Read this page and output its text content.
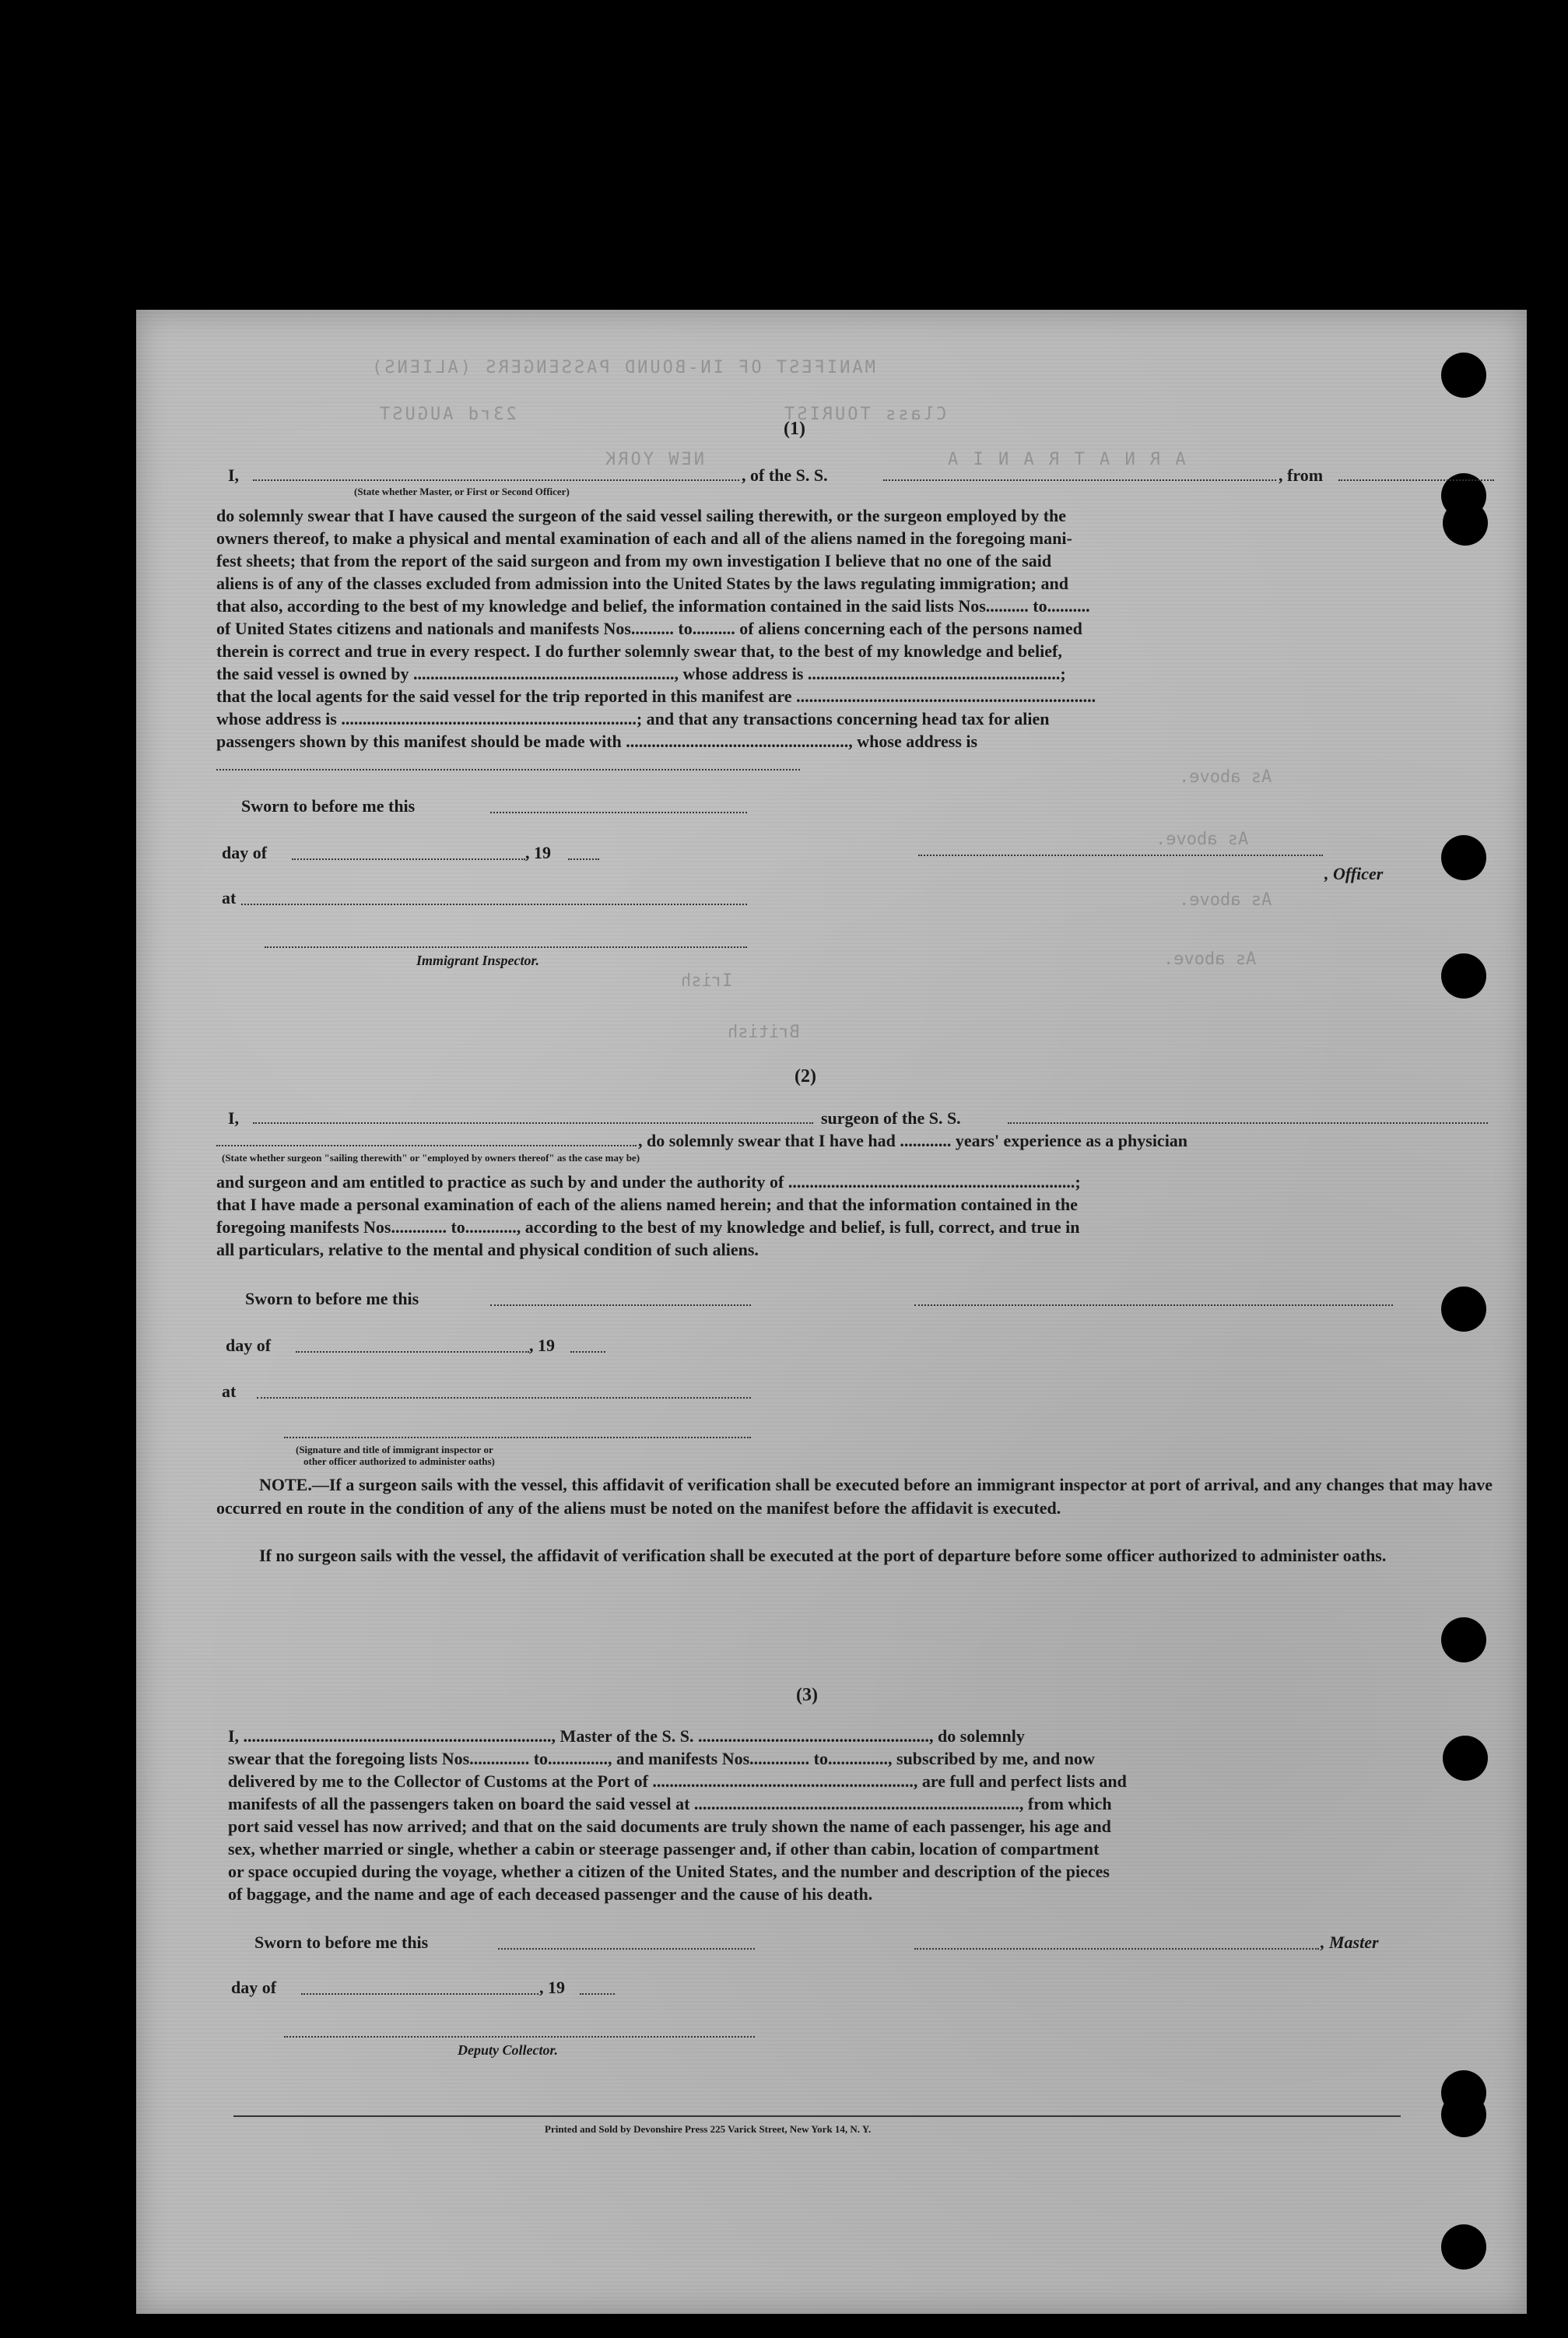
MANIFEST OF IN-BOUND PASSENGERS (ALIENS)
Class TOURIST
23rd AUGUST
NEW YORK	A R N A T R A N I A
As above.
As above.
As above.
As above.
British
Irish
(1)
I,	, of the S. S.	, from
(State whether Master, or First or Second Officer)
do solemnly swear that I have caused the surgeon of the said vessel sailing therewith, or the surgeon employed by the
owners thereof, to make a physical and mental examination of each and all of the aliens named in the foregoing mani-
fest sheets; that from the report of the said surgeon and from my own investigation I believe that no one of the said
aliens is of any of the classes excluded from admission into the United States by the laws regulating immigration; and
that also, according to the best of my knowledge and belief, the information contained in the said lists Nos.......... to..........
of United States citizens and nationals and manifests Nos.......... to.......... of aliens concerning each of the persons named
therein is correct and true in every respect. I do further solemnly swear that, to the best of my knowledge and belief,
the said vessel is owned by ............................................................., whose address is ...........................................................;
that the local agents for the said vessel for the trip reported in this manifest are ......................................................................
whose address is .....................................................................; and that any transactions concerning head tax for alien
passengers shown by this manifest should be made with ...................................................., whose address is
Sworn to before me this
day of	, 19
at
Immigrant Inspector.
, Officer
(2)
I,	surgeon of the S. S.
, do solemnly swear that I have had ............ years' experience as a physician
(State whether surgeon "sailing therewith" or "employed by owners thereof" as the case may be)
and surgeon and am entitled to practice as such by and under the authority of ...................................................................;
that I have made a personal examination of each of the aliens named herein; and that the information contained in the
foregoing manifests Nos............. to............, according to the best of my knowledge and belief, is full, correct, and true in
all particulars, relative to the mental and physical condition of such aliens.
Sworn to before me this
day of	, 19
at
(Signature and title of immigrant inspector or
other officer authorized to administer oaths)
NOTE.—If a surgeon sails with the vessel, this affidavit of verification shall be executed before an immigrant inspector at port of arrival, and any changes that may have occurred en route in the condition of any of the aliens must be noted on the manifest before the affidavit is executed.
If no surgeon sails with the vessel, the affidavit of verification shall be executed at the port of departure before some officer authorized to administer oaths.
(3)
I, ........................................................................, Master of the S. S. ......................................................, do solemnly
swear that the foregoing lists Nos.............. to.............., and manifests Nos.............. to.............., subscribed by me, and now
delivered by me to the Collector of Customs at the Port of ............................................................., are full and perfect lists and
manifests of all the passengers taken on board the said vessel at ............................................................................, from which
port said vessel has now arrived; and that on the said documents are truly shown the name of each passenger, his age and
sex, whether married or single, whether a cabin or steerage passenger and, if other than cabin, location of compartment
or space occupied during the voyage, whether a citizen of the United States, and the number and description of the pieces
of baggage, and the name and age of each deceased passenger and the cause of his death.
Sworn to before me this	, Master
day of	, 19
Deputy Collector.
Printed and Sold by Devonshire Press 225 Varick Street, New York 14, N. Y.
